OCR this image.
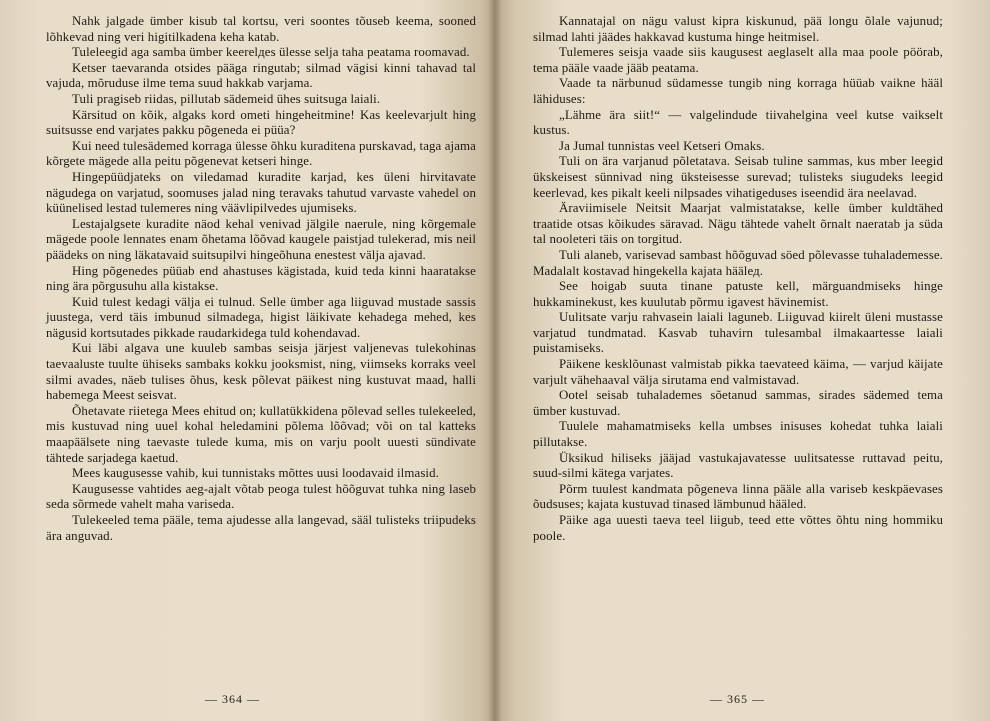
Nahk jalgade ümber kisub tal kortsu, veri soontes tõuseb keema, sooned lõhkevad ning veri higitilkadena keha katab.

Tuleleegid aga samba ümber keerelдes ülesse selja taha peatama roomavad.

Ketser taevaranda otsides pääga ringutab; silmad vägisi kinni tahavad tal vajuda, mõruduse ilme tema suud hakkab varjama.

Tuli pragiseb riidas, pillutab sädemeid ühes suitsuga laiali.

Kärsitud on kõik, algaks kord ometi hingeheitmine! Kas keelevarjult hing suitsusse end varjates pakku põgeneda ei püüa?

Kui need tulesädemed korraga ülesse õhku kuraditena purskavad, taga ajama kõrgete mägede alla peitu põgenevat ketseri hinge.

Hingepüüdjateks on viledamad kuradite karjad, kes üleni hirvitavate nägudega on varjatud, soomuses jalad ning teravaks tahutud varvaste vahedel on küünelised lestad tulemeres ning väävlipilvedes ujumiseks.

Lestajalgsete kuradite näod kehal venivad jälgile naerule, ning kõrgemale mägede poole lennates enam õhetama lõõvad kaugele paistjad tulekerad, mis neil päädeks on ning läkatavaid suitsupilvi hingeõhuna enestest välja ajavad.

Hing põgenedes püüab end ahastuses kägistada, kuid teda kinni haaratakse ning ära põrgusuhu alla kistakse.

Kuid tulest kedagi välja ei tulnud. Selle ümber aga liiguvad mustade sassis juustega, verd täis imbunud silmadega, higist läikivate kehadega mehed, kes nägusid kortsutades pikkade raudarkidega tuld kohendavad.

Kui läbi algava une kuuleb sambas seisja järjest valjenevas tulekohinas taevaaluste tuulte ühiseks sambaks kokku jooksmist, ning, viimseks korraks veel silmi avades, näeb tulises õhus, kesk põlevat päikest ning kustuvat maad, halli habemega Meest seisvat.

Õhetavate riietega Mees ehitud on; kullatükkidena põlevad selles tulekeeled, mis kustuvad ning uuel kohal heledamini põlema lõõvad; või on tal katteks maapäälsete ning taevaste tulede kuma, mis on varju poolt uuesti sündivate tähtede sarjadega kaetud.

Mees kaugusesse vahib, kui tunnistaks mõttes uusi loodavaid ilmasid.

Kaugusesse vahtides aeg-ajalt võtab peoga tulest hõõguvat tuhka ning laseb seda sõrmede vahelt maha variseda.

Tulekeeled tema pääle, tema ajudesse alla langevad, sääl tulisteks triipudeks ära anguvad.

— 364 —

Kannatajal on nägu valust kipra kiskunud, pää longu õlale vajunud; silmad lahti jäädes hakkavad kustuma hinge heitmisel.

Tulemeres seisja vaade siis kaugusest aeglaselt alla maa poole pöörab, tema pääle vaade jääb peatama.

Vaade ta närbunud südamesse tungib ning korraga hüüab vaikne hääl lähiduses:

„Lähme ära siit!“ — valgelindude tiivahelgina veel kutse vaikselt kustus.

Ja Jumal tunnistas veel Ketseri Omaks.

Tuli on ära varjanud põletatava. Seisab tuline sammas, kus mber leegid ükskeisest sünnivad ning üksteisesse surevad; tulisteks siugudeks leegid keerlevad, kes pikalt keeli nilpsades vihatigeduses iseendid ära neelavad.

Äraviimisele Neitsit Maarjat valmistatakse, kelle ümber kuldtähed traatide otsas kõikudes säravad. Nägu tähtede vahelt õrnalt naeratab ja süda tal nooleteri täis on torgitud.

Tuli alaneb, varisevad sambast hõõguvad söed põlevasse tuhalademesse. Madalalt kostavad hingekella kajata häälед.

See hoigab suuta tinane patuste kell, märguandmiseks hinge hukkaminekust, kes kuulutab põrmu igavest hävinemist.

Uulitsate varju rahvasein laiali laguneb. Liiguvad kiirelt üleni mustasse varjatud tundmatad. Kasvab tuhavirn tulesambal ilmakaartesse laiali puistamiseks.

Päikene kesklõunast valmistab pikka taevateed käima, — varjud käijate varjult vähehaaval välja sirutama end valmistavad.

Ootel seisab tuhalademes sõetanud sammas, sirades sädemed tema ümber kustuvad.

Tuulele mahamatmiseks kella umbses inisuses kohedat tuhka laiali pillutakse.

Üksikud hiliseks jääjad vastukajavatesse uulitsatesse ruttavad peitu, suud-silmi kätega varjates.

Põrm tuulest kandmata põgeneva linna pääle alla variseb keskpäevases õudsuses; kajata kustuvad tinased lämbunud hääled.

Päike aga uuesti taeva teel liigub, teed ette võttes õhtu ning hommiku poole.

— 365 —
